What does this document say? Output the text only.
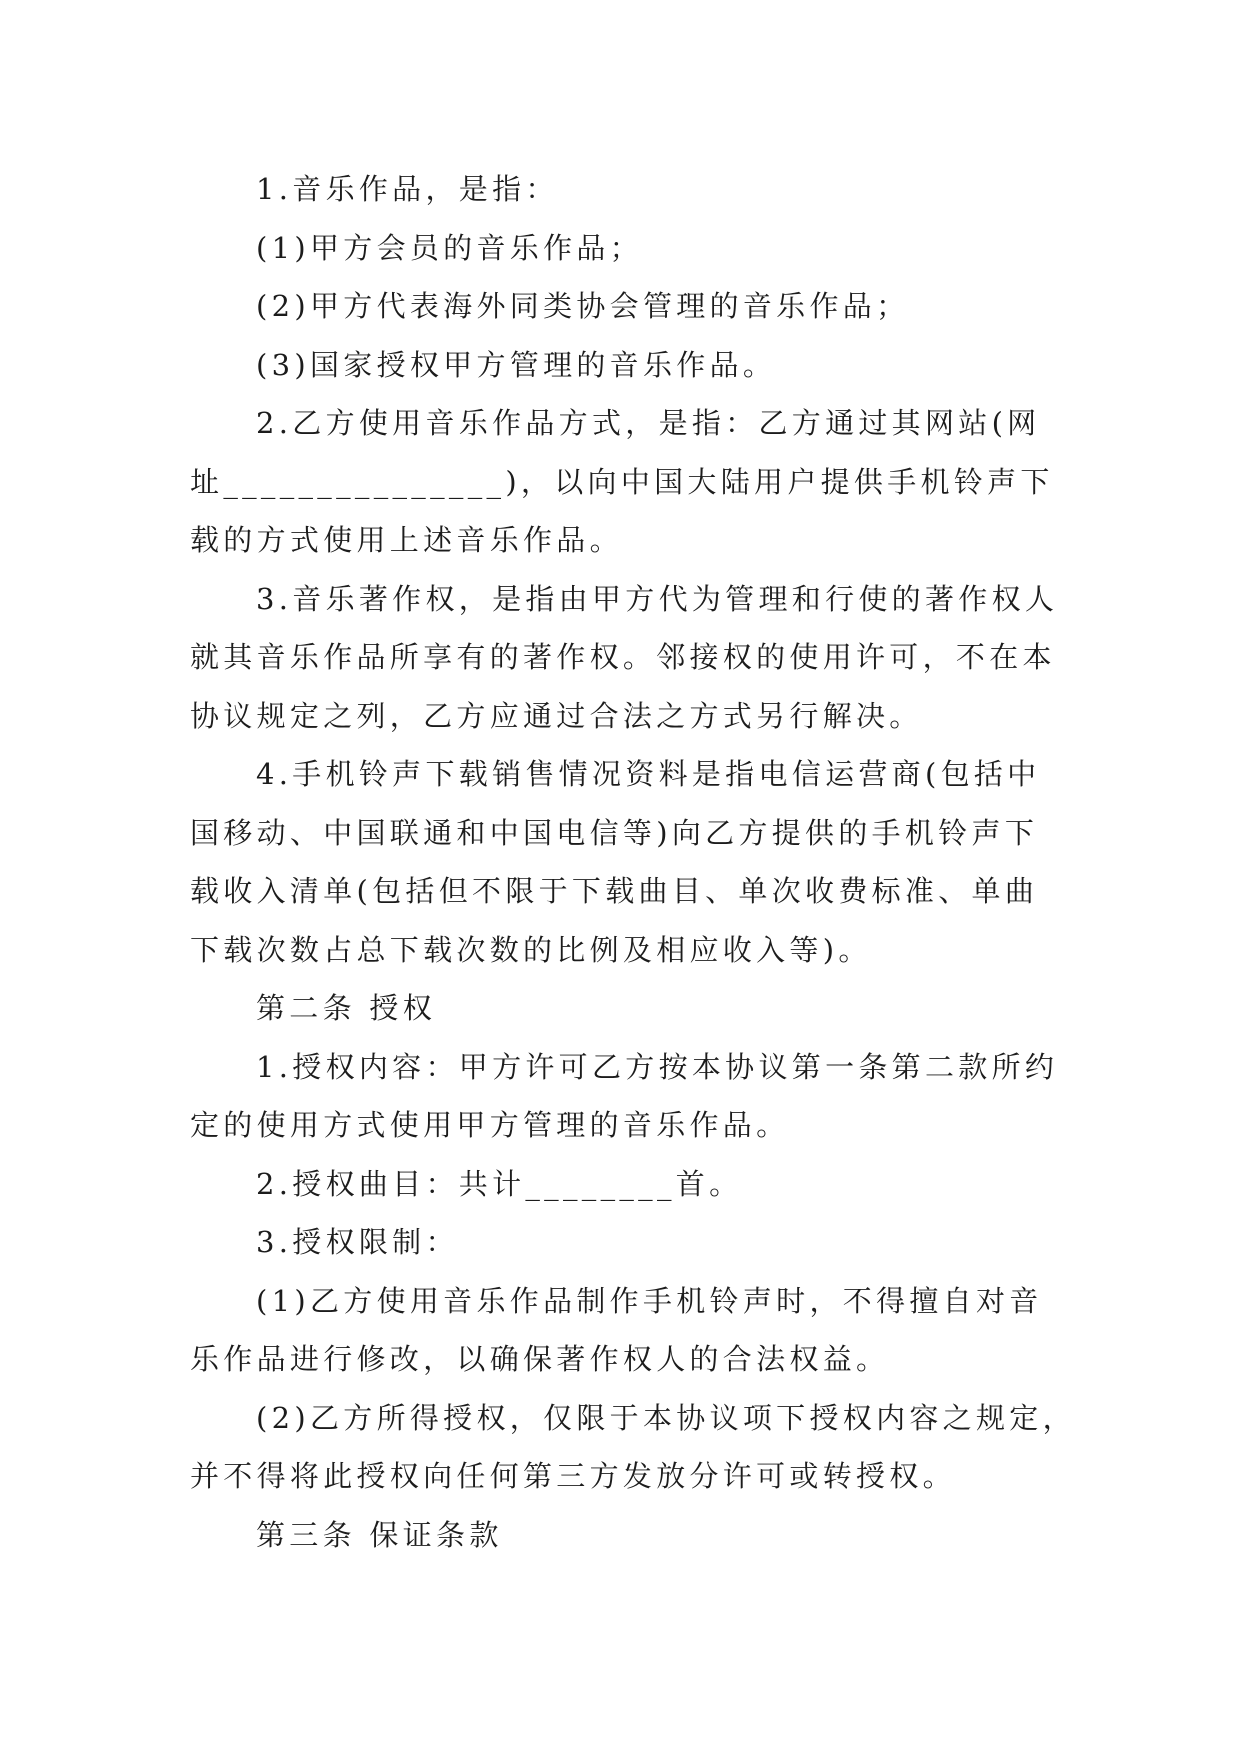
1.音乐作品，是指：
(1)甲方会员的音乐作品；
(2)甲方代表海外同类协会管理的音乐作品；
(3)国家授权甲方管理的音乐作品。
2.乙方使用音乐作品方式，是指：乙方通过其网站(网
址_______________)，以向中国大陆用户提供手机铃声下
载的方式使用上述音乐作品。
3.音乐著作权，是指由甲方代为管理和行使的著作权人
就其音乐作品所享有的著作权。邻接权的使用许可，不在本
协议规定之列，乙方应通过合法之方式另行解决。
4.手机铃声下载销售情况资料是指电信运营商(包括中
国移动、中国联通和中国电信等)向乙方提供的手机铃声下
载收入清单(包括但不限于下载曲目、单次收费标准、单曲
下载次数占总下载次数的比例及相应收入等)。
第二条 授权
1.授权内容：甲方许可乙方按本协议第一条第二款所约
定的使用方式使用甲方管理的音乐作品。
2.授权曲目：共计________首。
3.授权限制：
(1)乙方使用音乐作品制作手机铃声时，不得擅自对音
乐作品进行修改，以确保著作权人的合法权益。
(2)乙方所得授权，仅限于本协议项下授权内容之规定，
并不得将此授权向任何第三方发放分许可或转授权。
第三条 保证条款
